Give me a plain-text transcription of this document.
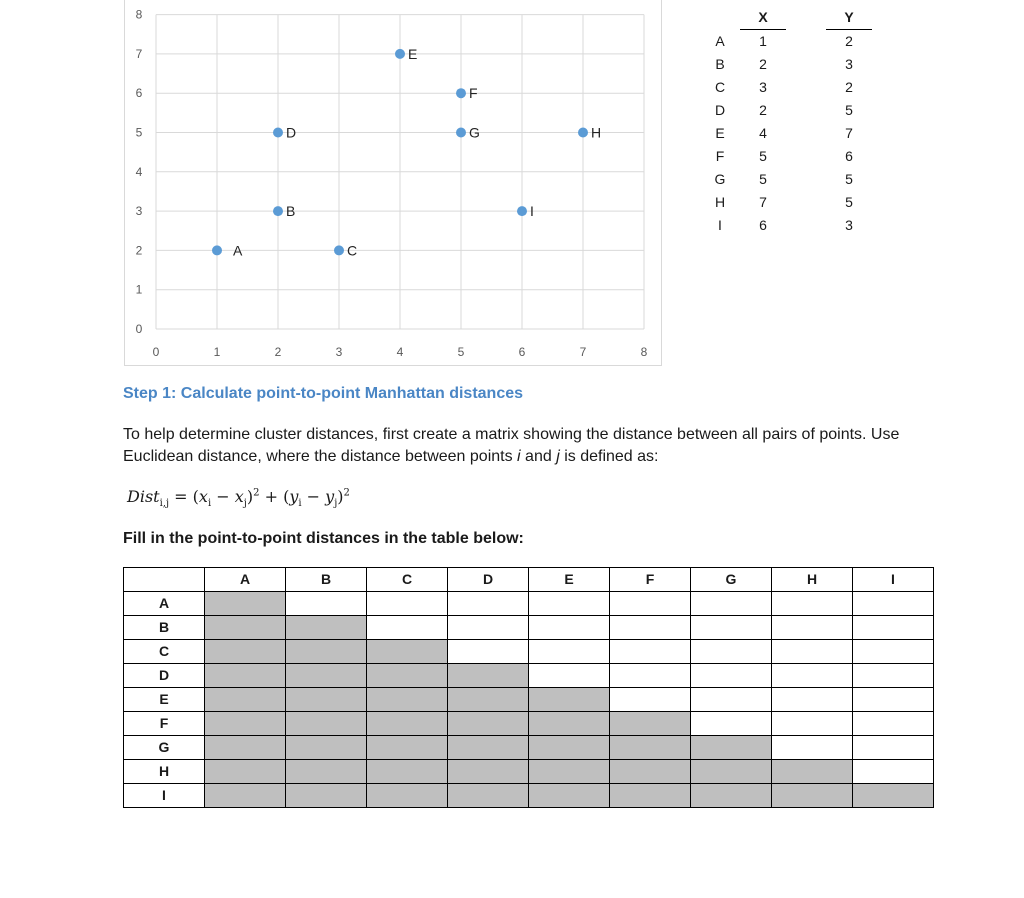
0	1	2	3	4	5	6	7	8
0
1
2
3
4
5
6
7
8
A
B
C
D
E
F
G	H
I
	X		Y
A	1		2
B	2		3
C	3		2
D	2		5
E	4		7
F	5		6
G	5		5
H	7		5
I	6		3
Step 1: Calculate point-to-point Manhattan distances

To help determine cluster distances, first create a matrix showing the distance between all pairs of points. Use Euclidean distance, where the distance between points i and j is defined as:

Dist$_{i,j}$ = $(x_i - x_j)^2 + (y_i - y_j)^2$
Fill in the point-to-point distances in the table below:
	A	B	C	D	E	F	G	H	I
A									
B									
C									
D									
E									
F									
G									
H									
I									
